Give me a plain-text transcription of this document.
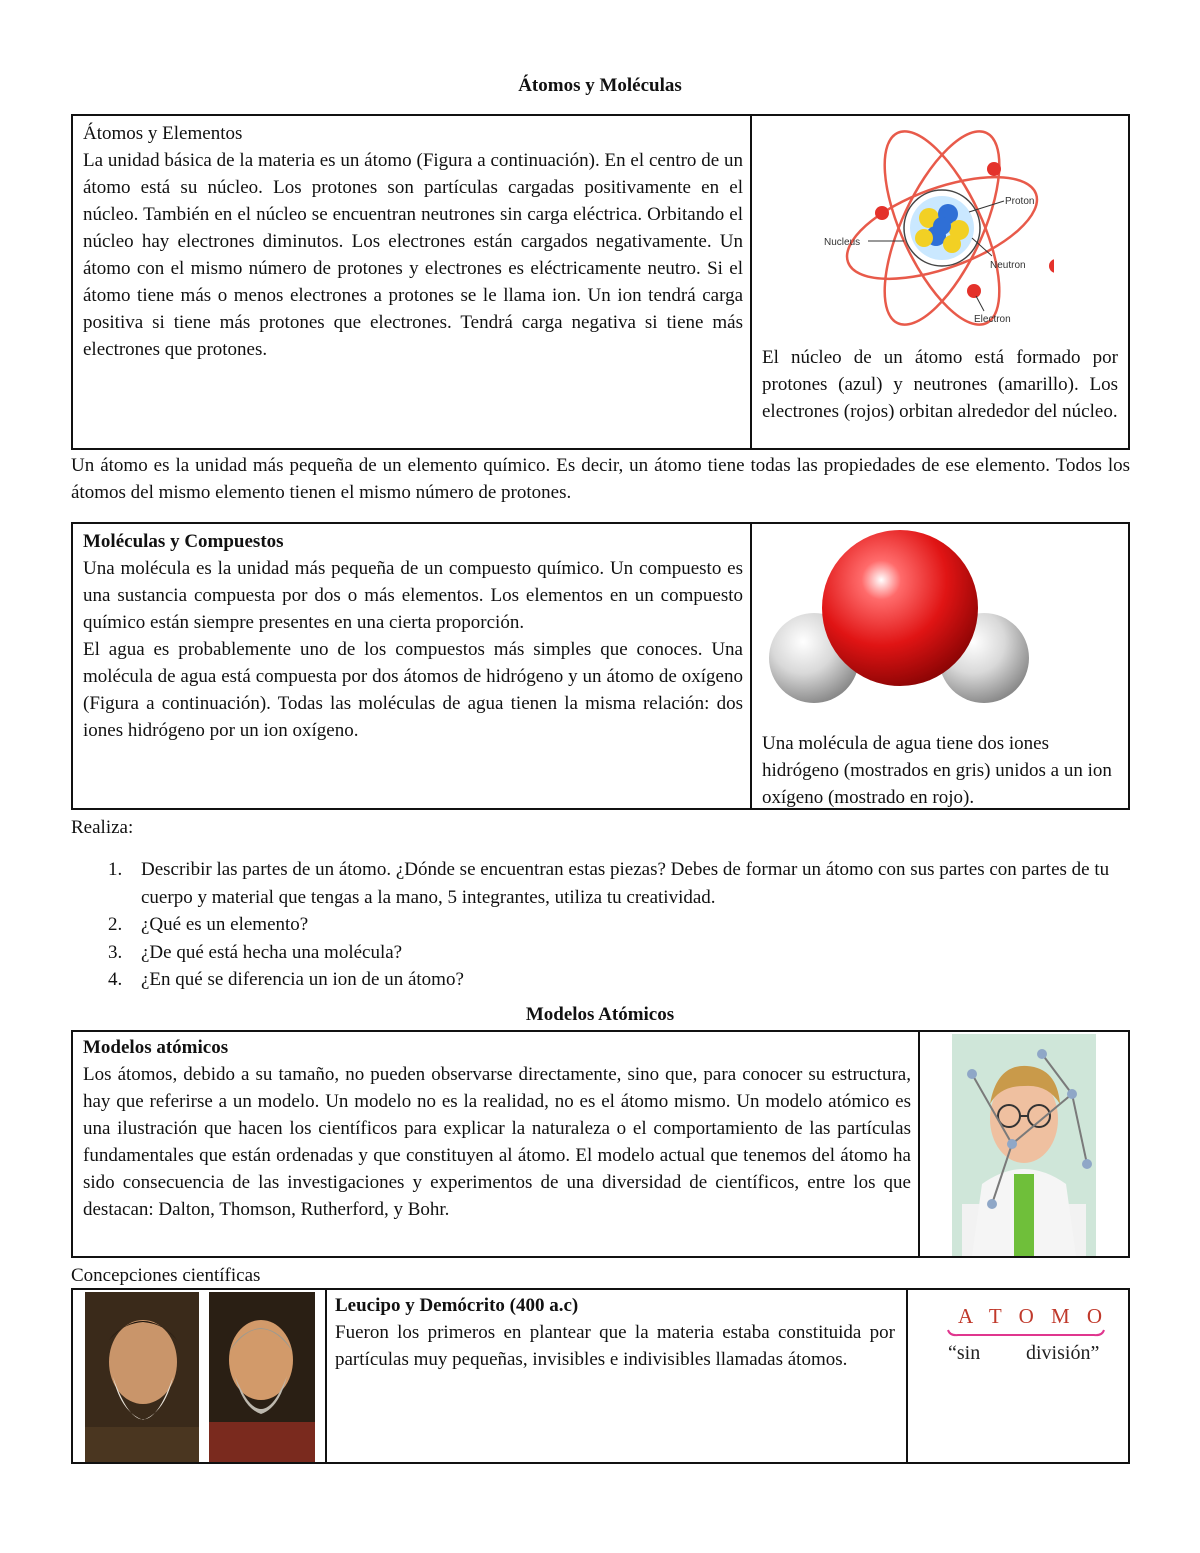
Átomos y Moléculas

Átomos y Elementos

La unidad básica de la materia es un átomo (Figura a continuación). En el centro de un átomo está su núcleo. Los protones son partículas cargadas positivamente en el núcleo. También en el núcleo se encuentran neutrones sin carga eléctrica. Orbitando el núcleo hay electrones diminutos. Los electrones están cargados negativamente. Un átomo con el mismo número de protones y electrones es eléctricamente neutro. Si el átomo tiene más o menos electrones a protones se le llama ion. Un ion tendrá carga positiva si tiene más protones que electrones. Tendrá carga negativa si tiene más electrones que protones.

Proton
Nucleus
Neutron
Electron
El núcleo de un átomo está formado por protones (azul) y neutrones (amarillo). Los electrones (rojos) orbitan alrededor del núcleo.
Un átomo es la unidad más pequeña de un elemento químico. Es decir, un átomo tiene todas las propiedades de ese elemento. Todos los átomos del mismo elemento tienen el mismo número de protones.

Moléculas y Compuestos

Una molécula es la unidad más pequeña de un compuesto químico. Un compuesto es una sustancia compuesta por dos o más elementos. Los elementos en un compuesto químico están siempre presentes en una cierta proporción.

El agua es probablemente uno de los compuestos más simples que conoces. Una molécula de agua está compuesta por dos átomos de hidrógeno y un átomo de oxígeno (Figura a continuación). Todas las moléculas de agua tienen la misma relación: dos iones hidrógeno por un ion oxígeno.

Una molécula de agua tiene dos iones hidrógeno (mostrados en gris) unidos a un ion oxígeno (mostrado en rojo).
Realiza:
1. Describir las partes de un átomo. ¿Dónde se encuentran estas piezas? Debes de formar un átomo con sus partes con partes de tu cuerpo y material que tengas a la mano, 5 integrantes, utiliza tu creatividad.
2. ¿Qué es un elemento?
3. ¿De qué está hecha una molécula?
4. ¿En qué se diferencia un ion de un átomo?
Modelos Atómicos

Modelos atómicos

Los átomos, debido a su tamaño, no pueden observarse directamente, sino que, para conocer su estructura, hay que referirse a un modelo. Un modelo no es la realidad, no es el átomo mismo. Un modelo atómico es una ilustración que hacen los científicos para explicar la naturaleza o el comportamiento de las partículas fundamentales que están ordenadas y que constituyen al átomo. El modelo actual que tenemos del átomo ha sido consecuencia de las investigaciones y experimentos de una diversidad de científicos, entre los que destacan: Dalton, Thomson, Rutherford, y Bohr.

Concepciones científicas

Leucipo y Demócrito (400 a.c)

Fueron los primeros en plantear que la materia estaba constituida por partículas muy pequeñas, invisibles e indivisibles llamadas átomos.

A T O M O
“sin división”
